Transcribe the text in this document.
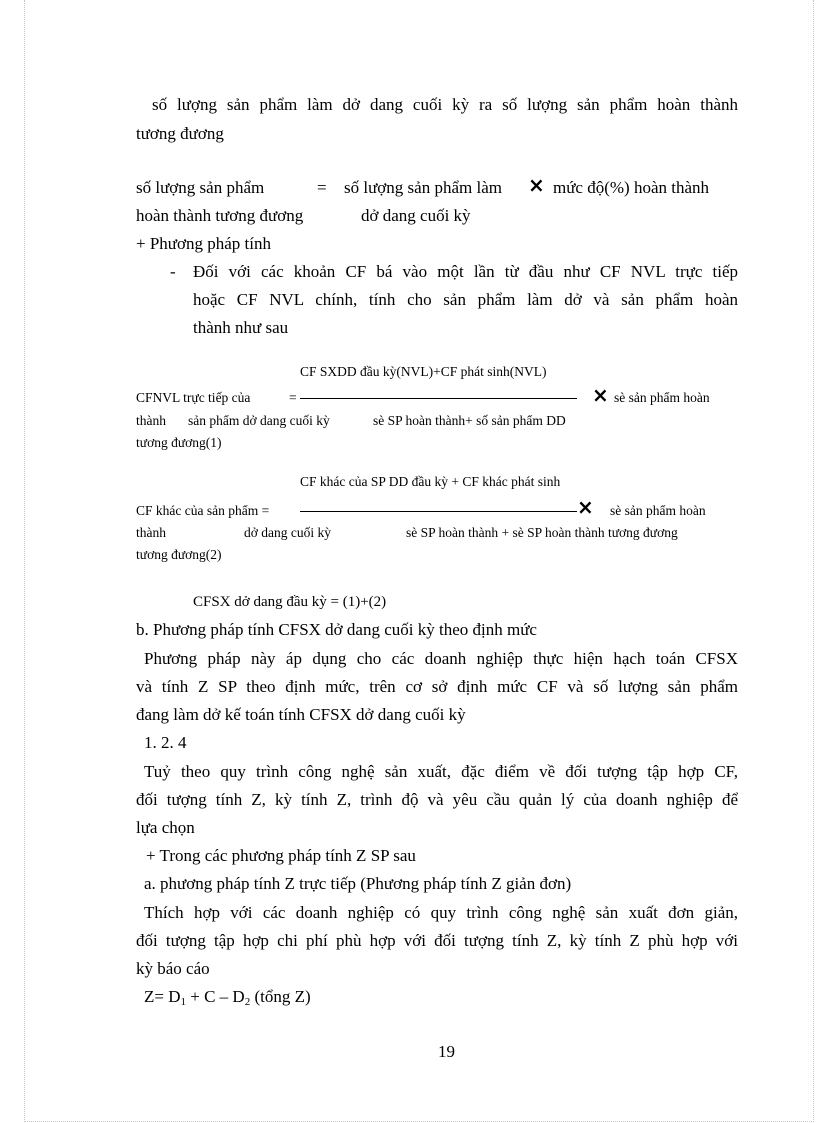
số lượng sản phẩm làm dở dang cuối kỳ ra số lượng sản phẩm hoàn thành
tương đương
số lượng sản phẩm	= số lượng sản phẩm làm × mức độ(%) hoàn thành
hoàn thành tương đương	dở dang cuối kỳ
+ Phương pháp tính
- Đối với các khoản CF bá vào một lần từ đầu như CF NVL trực tiếp
hoặc CF NVL chính, tính cho sản phẩm làm dở và sản phẩm hoàn
thành như sau
CF SXDD đầu kỳ(NVL)+CF phát sinh(NVL)
CFNVL trực tiếp của	=	× sè sản phẩm hoàn
thành sản phẩm dở dang cuối kỳ	sè SP hoàn thành+ số sản phẩm DD
tương đương(1)
CF khác của SP DD đầu kỳ + CF khác phát sinh
CF khác của sản phẩm =	× sè sản phẩm hoàn
thành	dở dang cuối kỳ	sè SP hoàn thành + sè SP hoàn thành tương đương
tương đương(2)
CFSX dở dang đầu kỳ = (1)+(2)
b. Phương pháp tính CFSX dở dang cuối kỳ theo định mức
Phương pháp này áp dụng cho các doanh nghiệp thực hiện hạch toán CFSX
và tính Z SP theo định mức, trên cơ sở định mức CF và số lượng sản phẩm
đang làm dở kế toán tính CFSX dở dang cuối kỳ
1. 2. 4
Tuỷ theo quy trình công nghệ sản xuất, đặc điểm về đối tượng tập hợp CF,
đối tượng tính Z, kỳ tính Z, trình độ và yêu cầu quản lý của doanh nghiệp để
lựa chọn
+ Trong các phương pháp tính Z SP sau
a. phương pháp tính Z trực tiếp (Phương pháp tính Z giản đơn)
Thích hợp với các doanh nghiệp có quy trình công nghệ sản xuất đơn giản,
đối tượng tập hợp chi phí phù hợp với đối tượng tính Z, kỳ tính Z phù hợp với
kỳ báo cáo
$Z= D_1 + C - D_2$ (tổng Z)
19
